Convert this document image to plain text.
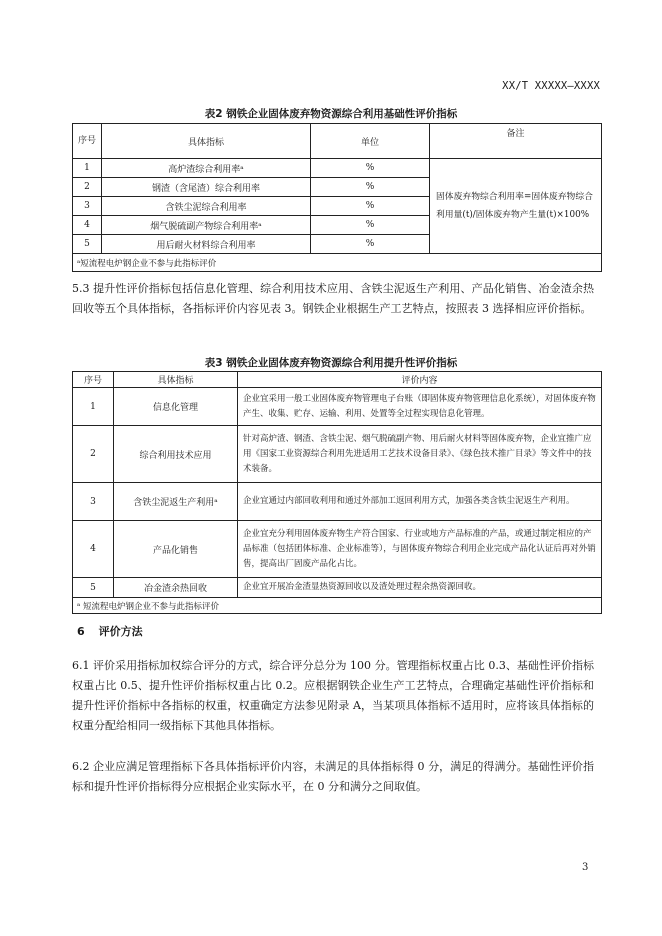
XX/T XXXXX—XXXX
表2 钢铁企业固体废弃物资源综合利用基础性评价指标
序号	具体指标	单位	备注
1	高炉渣综合利用率ᵃ	%	固体废弃物综合利用率=固体废弃物综合利用量(t)/固体废弃物产生量(t)×100%
2	钢渣（含尾渣）综合利用率	%	
3	含铁尘泥综合利用率	%	
4	烟气脱硫副产物综合利用率ᵃ	%	
5	用后耐火材料综合利用率	%	
ᵃ短流程电炉钢企业不参与此指标评价			

5.3 提升性评价指标包括信息化管理、综合利用技术应用、含铁尘泥返生产利用、产品化销售、冶金渣余热回收等五个具体指标，各指标评价内容见表 3。钢铁企业根据生产工艺特点，按照表 3 选择相应评价指标。

表3 钢铁企业固体废弃物资源综合利用提升性评价指标
序号	具体指标	评价内容
1	信息化管理	企业宜采用一般工业固体废弃物管理电子台账（即固体废弃物管理信息化系统），对固体废弃物产生、收集、贮存、运输、利用、处置等全过程实现信息化管理。
2	综合利用技术应用	针对高炉渣、钢渣、含铁尘泥、烟气脱硫副产物、用后耐火材料等固体废弃物，企业宜推广应用《国家工业资源综合利用先进适用工艺技术设备目录》、《绿色技术推广目录》等文件中的技术装备。
3	含铁尘泥返生产利用ᵃ	企业宜通过内部回收利用和通过外部加工返回利用方式，加强各类含铁尘泥返生产利用。
4	产品化销售	企业宜充分利用固体废弃物生产符合国家、行业或地方产品标准的产品，或通过制定相应的产品标准（包括团体标准、企业标准等），与固体废弃物综合利用企业完成产品化认证后再对外销售，提高出厂固废产品化占比。
5	冶金渣余热回收	企业宜开展冶金渣显热资源回收以及渣处理过程余热资源回收。
ᵃ 短流程电炉钢企业不参与此指标评价		
6 评价方法

6.1 评价采用指标加权综合评分的方式，综合评分总分为 100 分。管理指标权重占比 0.3、基础性评价指标权重占比 0.5、提升性评价指标权重占比 0.2。应根据钢铁企业生产工艺特点，合理确定基础性评价指标和提升性评价指标中各指标的权重，权重确定方法参见附录 A，当某项具体指标不适用时，应将该具体指标的权重分配给相同一级指标下其他具体指标。

6.2 企业应满足管理指标下各具体指标评价内容，未满足的具体指标得 0 分，满足的得满分。基础性评价指标和提升性评价指标得分应根据企业实际水平，在 0 分和满分之间取值。

3
